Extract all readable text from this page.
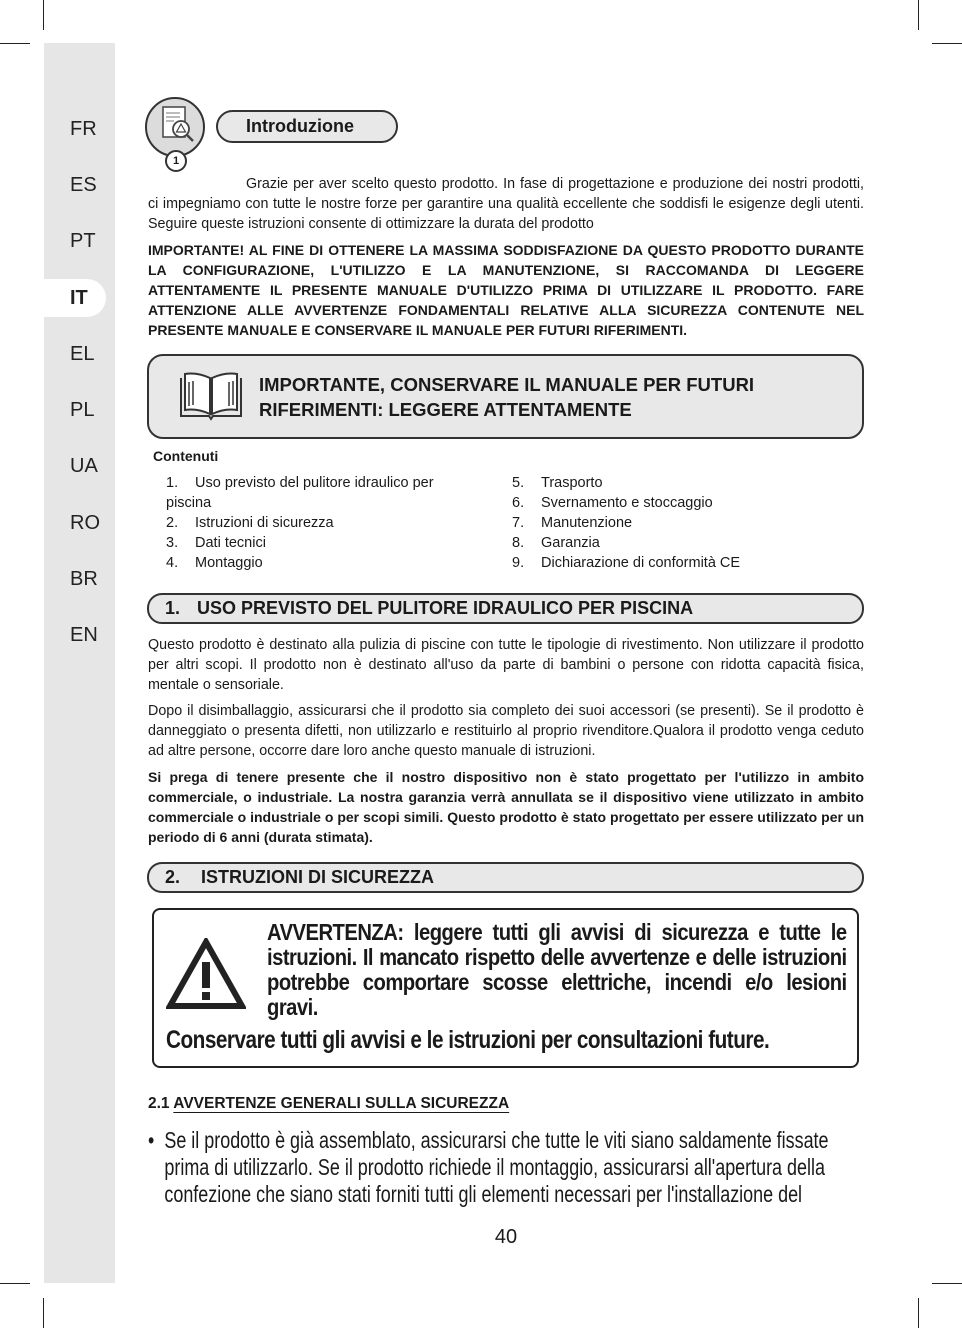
FR
ES
PT
IT
EL
PL
UA
RO
BR
EN
1
Introduzione

Grazie per aver scelto questo prodotto. In fase di progettazione e produzione dei nostri prodotti, ci impegniamo con tutte le nostre forze per garantire una qualità eccellente che soddisfi le esigenze degli utenti. Seguire queste istruzioni consente di ottimizzare la durata del prodotto

IMPORTANTE! AL FINE DI OTTENERE LA MASSIMA SODDISFAZIONE DA QUESTO PRODOTTO DURANTE LA CONFIGURAZIONE, L'UTILIZZO E LA MANUTENZIONE, SI RACCOMANDA DI LEGGERE ATTENTAMENTE IL PRESENTE MANUALE D'UTILIZZO PRIMA DI UTILIZZARE IL PRODOTTO. FARE ATTENZIONE ALLE AVVERTENZE FONDAMENTALI RELATIVE ALLA SICUREZZA CONTENUTE NEL PRESENTE MANUALE E CONSERVARE IL MANUALE PER FUTURI RIFERIMENTI.

IMPORTANTE, CONSERVARE IL MANUALE PER FUTURI
RIFERIMENTI: LEGGERE ATTENTAMENTE
Contenuti
1. Uso previsto del pulitore idraulico per
piscina
2. Istruzioni di sicurezza
3. Dati tecnici
4. Montaggio
5. Trasporto
6. Svernamento e stoccaggio
7. Manutenzione
8. Garanzia
9. Dichiarazione di conformità CE
1. USO PREVISTO DEL PULITORE IDRAULICO PER PISCINA

Questo prodotto è destinato alla pulizia di piscine con tutte le tipologie di rivestimento. Non utilizzare il prodotto per altri scopi. Il prodotto non è destinato all'uso da parte di bambini o persone con ridotta capacità fisica, mentale o sensoriale.

Dopo il disimballaggio, assicurarsi che il prodotto sia completo dei suoi accessori (se presenti). Se il prodotto è danneggiato o presenta difetti, non utilizzarlo e restituirlo al proprio rivenditore.Qualora il prodotto venga ceduto ad altre persone, occorre dare loro anche questo manuale di istruzioni.

Si prega di tenere presente che il nostro dispositivo non è stato progettato per l'utilizzo in ambito commerciale, o industriale. La nostra garanzia verrà annullata se il dispositivo viene utilizzato in ambito commerciale o industriale o per scopi simili. Questo prodotto è stato progettato per essere utilizzato per un periodo di 6 anni (durata stimata).

2.	ISTRUZIONI DI SICUREZZA
AVVERTENZA: leggere tutti gli avvisi di sicurezza e tutte le istruzioni. Il mancato rispetto delle avvertenze e delle istruzioni potrebbe comportare scosse elettriche, incendi e/o lesioni gravi.
Conservare tutti gli avvisi e le istruzioni per consultazioni future.
2.1 AVVERTENZE GENERALI SULLA SICUREZZA
• Se il prodotto è già assemblato, assicurarsi che tutte le viti siano saldamente fissate prima di utilizzarlo. Se il prodotto richiede il montaggio, assicurarsi all'apertura della confezione che siano stati forniti tutti gli elementi necessari per l'installazione del
40
